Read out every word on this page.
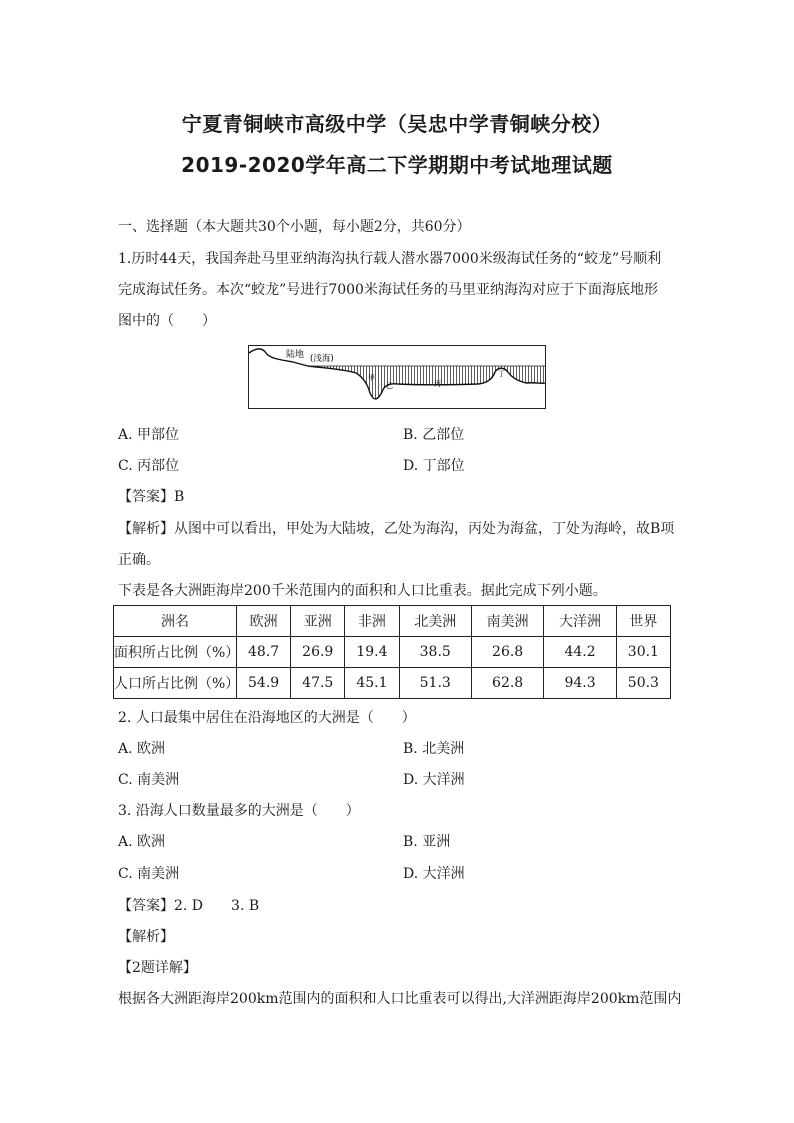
宁夏青铜峡市高级中学（吴忠中学青铜峡分校）
2019-2020学年高二下学期期中考试地理试题
一、选择题（本大题共30个小题，每小题2分，共60分）
1.历时44天，我国奔赴马里亚纳海沟执行载人潜水器7000米级海试任务的“蛟龙”号顺利
完成海试任务。本次“蛟龙”号进行7000米海试任务的马里亚纳海沟对应于下面海底地形
图中的（　　）
陆地 (浅海)
甲
乙	丙
丁
A. 甲部位	B. 乙部位
C. 丙部位	D. 丁部位
【答案】B
【解析】从图中可以看出，甲处为大陆坡，乙处为海沟，丙处为海盆，丁处为海岭，故B项
正确。
下表是各大洲距海岸200千米范围内的面积和人口比重表。据此完成下列小题。
洲名	欧洲	亚洲	非洲	北美洲	南美洲	大洋洲	世界
面积所占比例（%）	48.7	26.9	19.4	38.5	26.8	44.2	30.1
人口所占比例（%）	54.9	47.5	45.1	51.3	62.8	94.3	50.3
2. 人口最集中居住在沿海地区的大洲是（　　）
A. 欧洲	B. 北美洲
C. 南美洲	D. 大洋洲
3. 沿海人口数量最多的大洲是（　　）
A. 欧洲	B. 亚洲
C. 南美洲	D. 大洋洲
【答案】2. D　　3. B
【解析】
【2题详解】
根据各大洲距海岸200km范围内的面积和人口比重表可以得出,大洋洲距海岸200km范围内
